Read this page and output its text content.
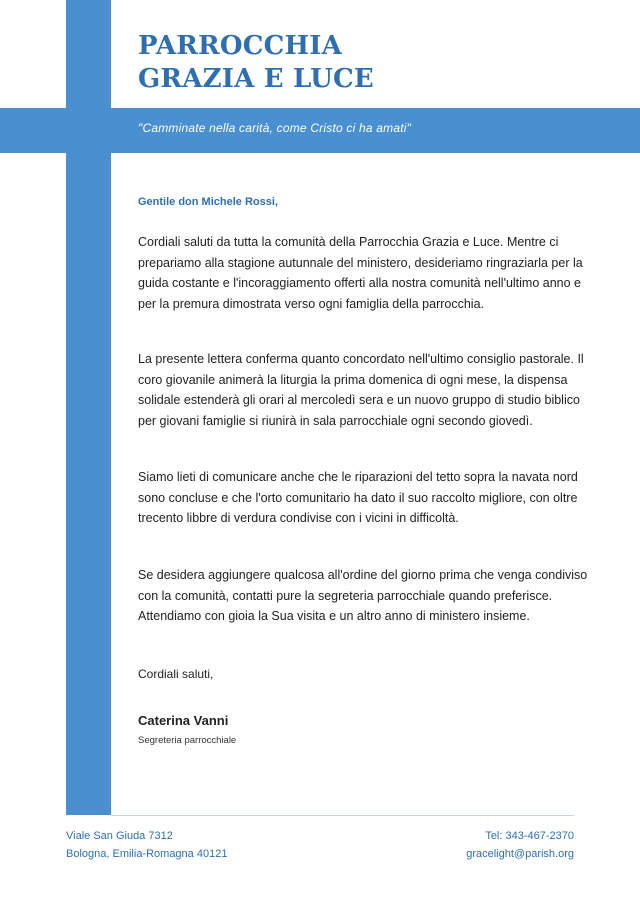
PARROCCHIA
GRAZIA E LUCE

"Camminate nella carità, come Cristo ci ha amati"

Gentile don Michele Rossi,

Cordiali saluti da tutta la comunità della Parrocchia Grazia e Luce. Mentre ci prepariamo alla stagione autunnale del ministero, desideriamo ringraziarla per la guida costante e l'incoraggiamento offerti alla nostra comunità nell'ultimo anno e per la premura dimostrata verso ogni famiglia della parrocchia.

La presente lettera conferma quanto concordato nell'ultimo consiglio pastorale. Il coro giovanile animerà la liturgia la prima domenica di ogni mese, la dispensa solidale estenderà gli orari al mercoledì sera e un nuovo gruppo di studio biblico per giovani famiglie si riunirà in sala parrocchiale ogni secondo giovedì.

Siamo lieti di comunicare anche che le riparazioni del tetto sopra la navata nord sono concluse e che l'orto comunitario ha dato il suo raccolto migliore, con oltre trecento libbre di verdura condivise con i vicini in difficoltà.

Se desidera aggiungere qualcosa all'ordine del giorno prima che venga condiviso con la comunità, contatti pure la segreteria parrocchiale quando preferisce. Attendiamo con gioia la Sua visita e un altro anno di ministero insieme.

Cordiali saluti,

Caterina Vanni

Segreteria parrocchiale

Viale San Giuda 7312
Bologna, Emilia-Romagna 40121
Tel: 343-467-2370
gracelight@parish.org
